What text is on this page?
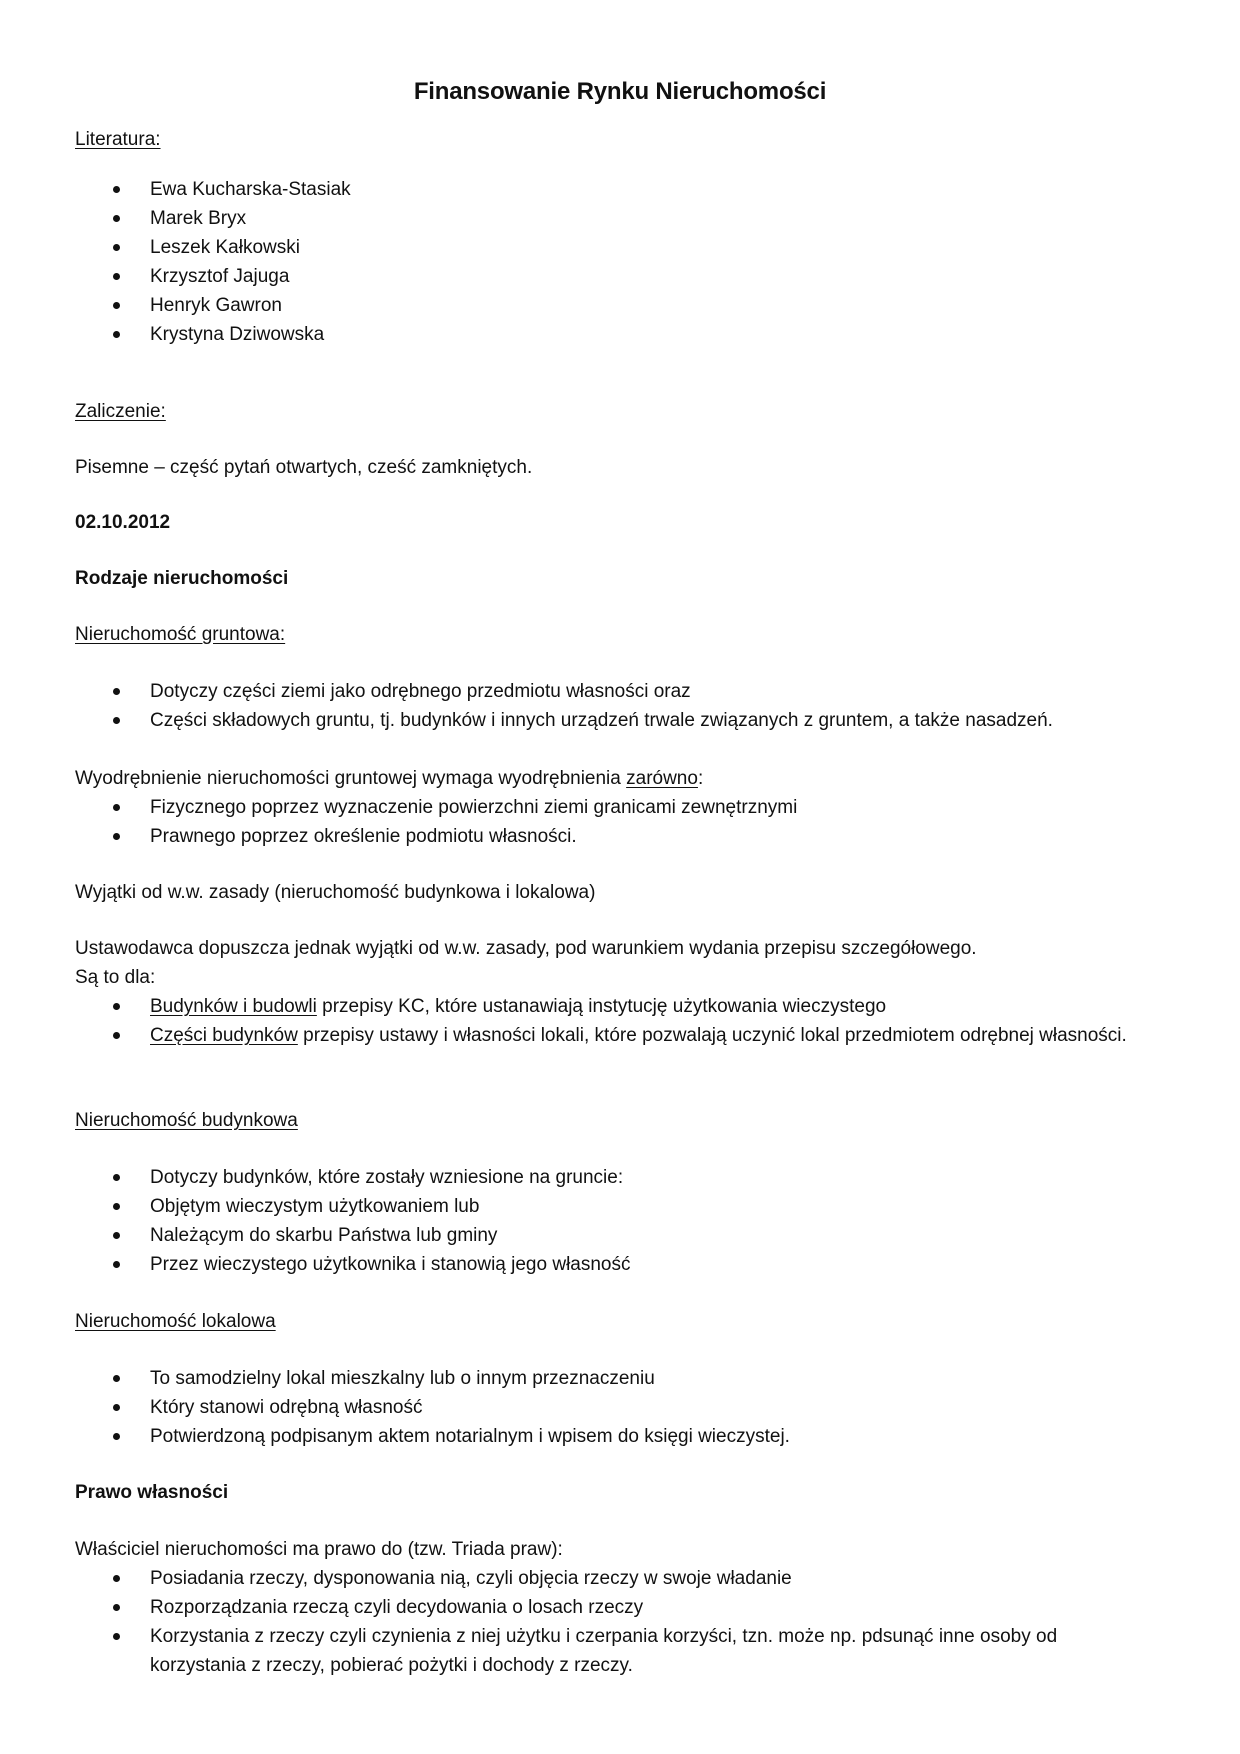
Finansowanie Rynku Nieruchomości
Literatura:
Ewa Kucharska-Stasiak
Marek Bryx
Leszek Kałkowski
Krzysztof Jajuga
Henryk Gawron
Krystyna Dziwowska
Zaliczenie:
Pisemne – część pytań otwartych, cześć zamkniętych.
02.10.2012
Rodzaje nieruchomości
Nieruchomość gruntowa:
Dotyczy części ziemi jako odrębnego przedmiotu własności oraz
Części składowych gruntu, tj. budynków i innych urządzeń trwale związanych z gruntem, a także nasadzeń.
Wyodrębnienie nieruchomości gruntowej wymaga wyodrębnienia zarówno:
Fizycznego poprzez wyznaczenie powierzchni ziemi granicami zewnętrznymi
Prawnego poprzez określenie podmiotu własności.
Wyjątki od w.w. zasady (nieruchomość budynkowa i lokalowa)
Ustawodawca dopuszcza jednak wyjątki od w.w. zasady, pod warunkiem wydania przepisu szczegółowego.
Są to dla:
Budynków i budowli przepisy KC, które ustanawiają instytucję użytkowania wieczystego
Części budynków przepisy ustawy i własności lokali, które pozwalają uczynić lokal przedmiotem odrębnej własności.
Nieruchomość budynkowa
Dotyczy budynków, które zostały wzniesione na gruncie:
Objętym wieczystym użytkowaniem lub
Należącym do skarbu Państwa lub gminy
Przez wieczystego użytkownika i stanowią jego własność
Nieruchomość lokalowa
To samodzielny lokal mieszkalny lub o innym przeznaczeniu
Który stanowi odrębną własność
Potwierdzoną podpisanym aktem notarialnym i wpisem do księgi wieczystej.
Prawo własności
Właściciel nieruchomości ma prawo do (tzw. Triada praw):
Posiadania rzeczy, dysponowania nią, czyli objęcia rzeczy w swoje władanie
Rozporządzania rzeczą czyli decydowania o losach rzeczy
Korzystania z rzeczy czyli czynienia z niej użytku i czerpania korzyści, tzn. może np. pdsunąć inne osoby od korzystania z rzeczy, pobierać pożytki i dochody z rzeczy.
